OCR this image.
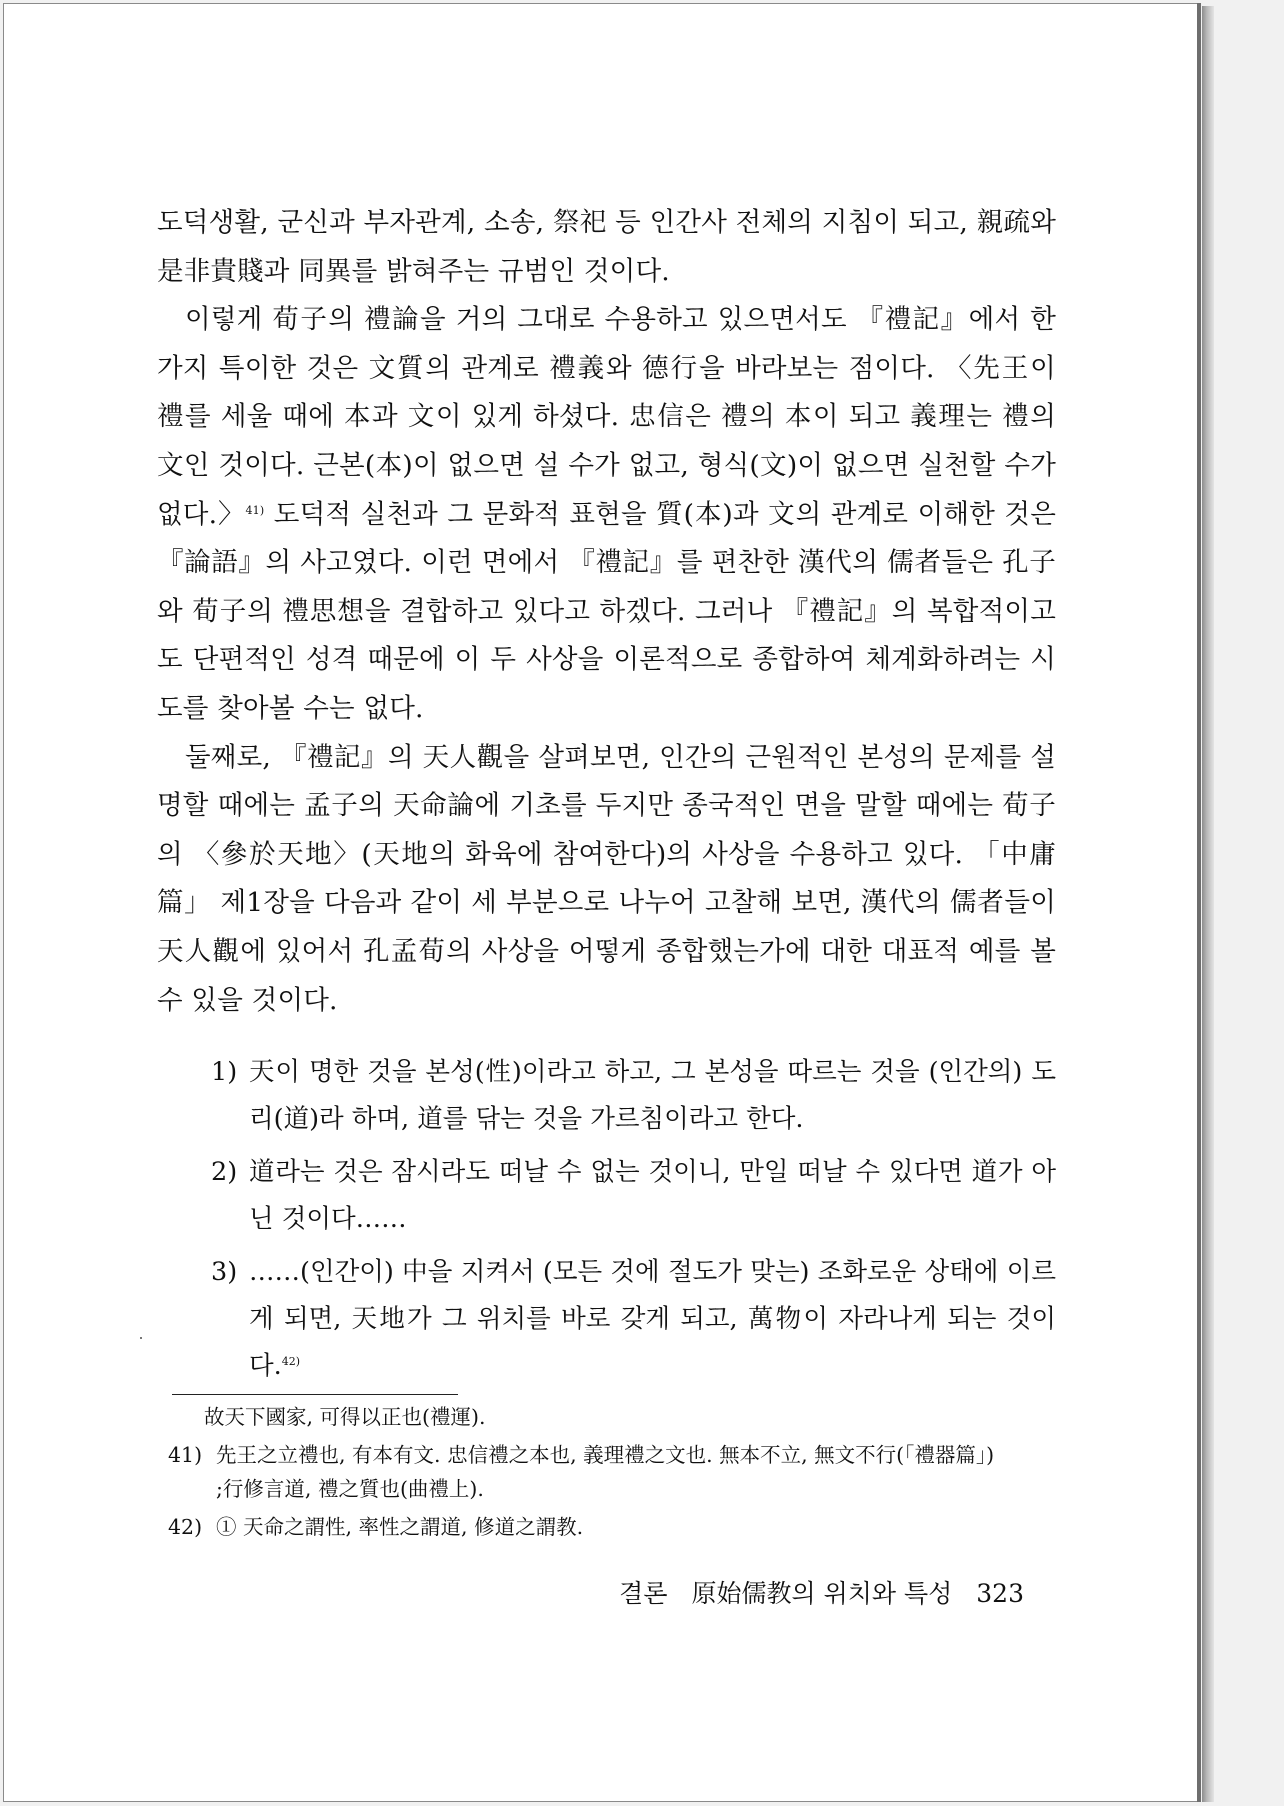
도덕생활, 군신과 부자관계, 소송, 祭祀 등 인간사 전체의 지침이 되고, 親疏와 是非貴賤과 同異를 밝혀주는 규범인 것이다.

이렇게 荀子의 禮論을 거의 그대로 수용하고 있으면서도 『禮記』에서 한 가지 특이한 것은 文質의 관계로 禮義와 德行을 바라보는 점이다. 〈先王이 禮를 세울 때에 本과 文이 있게 하셨다. 忠信은 禮의 本이 되고 義理는 禮의 文인 것이다. 근본(本)이 없으면 설 수가 없고, 형식(文)이 없으면 실천할 수가 없다.〉$^{41)}$ 도덕적 실천과 그 문화적 표현을 質(本)과 文의 관계로 이해한 것은 『論語』의 사고였다. 이런 면에서 『禮記』를 편찬한 漢代의 儒者들은 孔子와 荀子의 禮思想을 결합하고 있다고 하겠다. 그러나 『禮記』의 복합적이고도 단편적인 성격 때문에 이 두 사상을 이론적으로 종합하여 체계화하려는 시도를 찾아볼 수는 없다.

둘째로, 『禮記』의 天人觀을 살펴보면, 인간의 근원적인 본성의 문제를 설명할 때에는 孟子의 天命論에 기초를 두지만 종국적인 면을 말할 때에는 荀子의 〈參於天地〉(天地의 화육에 참여한다)의 사상을 수용하고 있다. 「中庸篇」 제1장을 다음과 같이 세 부분으로 나누어 고찰해 보면, 漢代의 儒者들이 天人觀에 있어서 孔孟荀의 사상을 어떻게 종합했는가에 대한 대표적 예를 볼 수 있을 것이다.

1) 天이 명한 것을 본성(性)이라고 하고, 그 본성을 따르는 것을 (인간의) 도리(道)라 하며, 道를 닦는 것을 가르침이라고 한다.
2) 道라는 것은 잠시라도 떠날 수 없는 것이니, 만일 떠날 수 있다면 道가 아닌 것이다……
3) ……(인간이) 中을 지켜서 (모든 것에 절도가 맞는) 조화로운 상태에 이르게 되면, 天地가 그 위치를 바로 갖게 되고, 萬物이 자라나게 되는 것이다.$^{42)}$
故天下國家, 可得以正也(禮運).
41) 先王之立禮也, 有本有文. 忠信禮之本也, 義理禮之文也. 無本不立, 無文不行(「禮器篇」)
;行修言道, 禮之質也(曲禮上).
42) ① 天命之謂性, 率性之謂道, 修道之謂教.
결론 原始儒教의 위치와 특성 323
